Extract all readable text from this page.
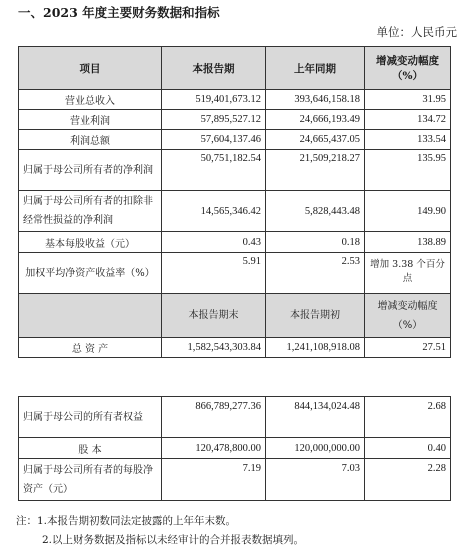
一、2023 年度主要财务数据和指标
单位：人民币元
项目	本报告期	上年同期	增减变动幅度
（%）

营业总收入	519,401,673.12	393,646,158.18	31.95
营业利润	57,895,527.12	24,666,193.49	134.72
利润总额	57,604,137.46	24,665,437.05	133.54
归属于母公司所有者的净利润	50,751,182.54	21,509,218.27	135.95
归属于母公司所有者的扣除非经常性损益的净利润	14,565,346.42	5,828,443.48	149.90
基本每股收益（元）	0.43	0.18	138.89
加权平均净资产收益率（%）	5.91	2.53	增加 3.38 个百分点
	本报告期末	本报告期初	增减变动幅度
（%）

总 资 产	1,582,543,303.84	1,241,108,918.08	27.51
归属于母公司的所有者权益	866,789,277.36	844,134,024.48	2.68
股 本	120,478,800.00	120,000,000.00	0.40
归属于母公司所有者的每股净资产（元）	7.19	7.03	2.28
注：1.本报告期初数同法定披露的上年年末数。
2.以上财务数据及指标以未经审计的合并报表数据填列。
